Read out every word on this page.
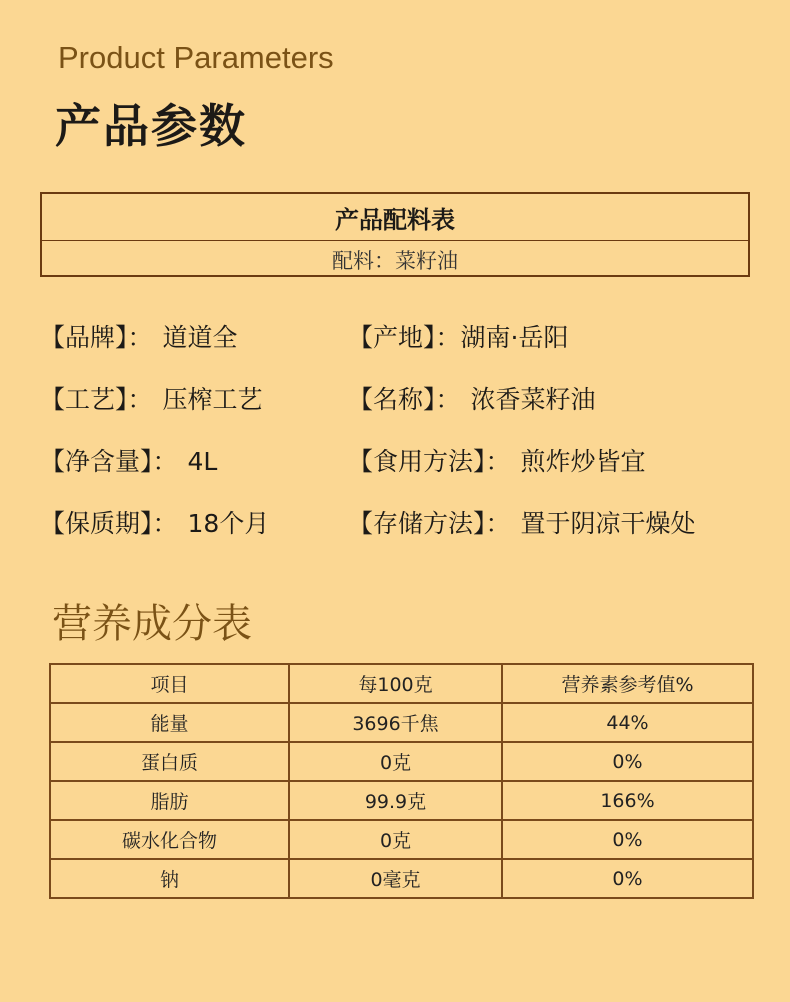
Product Parameters
产品参数
产品配料表
配料：菜籽油
【品牌】： 道道全	【产地】：湖南·岳阳
【工艺】： 压榨工艺	【名称】： 浓香菜籽油
【净含量】： 4L	【食用方法】： 煎炸炒皆宜
【保质期】： 18个月	【存储方法】： 置于阴凉干燥处
营养成分表
项目	每100克	营养素参考值%
能量	3696千焦	44%
蛋白质	0克	0%
脂肪	99.9克	166%
碳水化合物	0克	0%
钠	0毫克	0%
